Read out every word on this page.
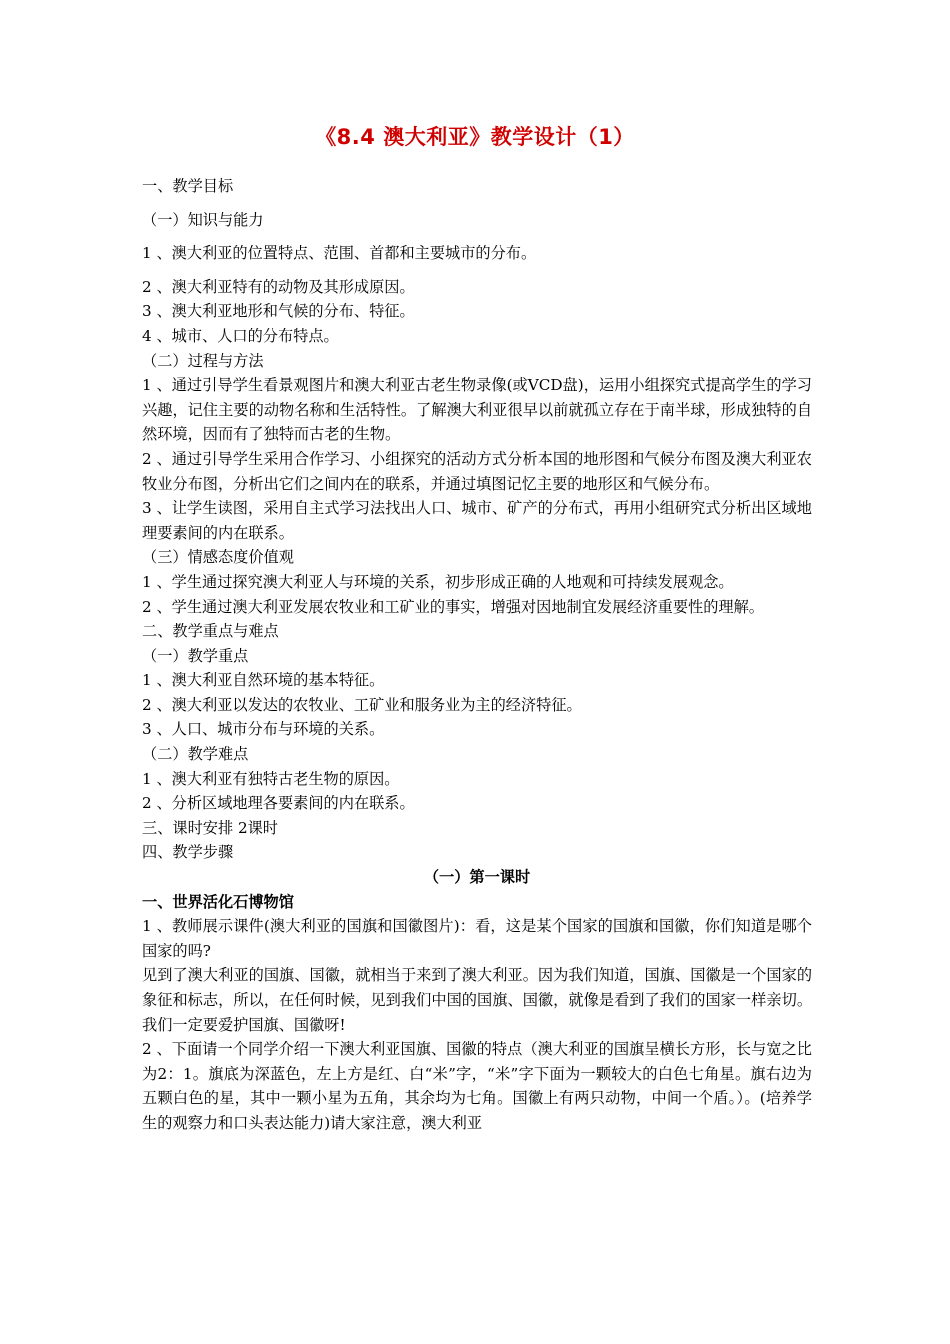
《8.4 澳大利亚》教学设计（1）
一、教学目标
（一）知识与能力
1 、澳大利亚的位置特点、范围、首都和主要城市的分布。
2 、澳大利亚特有的动物及其形成原因。
3 、澳大利亚地形和气候的分布、特征。
4 、城市、人口的分布特点。
（二）过程与方法
1 、通过引导学生看景观图片和澳大利亚古老生物录像(或VCD盘)，运用小组探究式提高学生的学习兴趣，记住主要的动物名称和生活特性。了解澳大利亚很早以前就孤立存在于南半球，形成独特的自然环境，因而有了独特而古老的生物。
2 、通过引导学生采用合作学习、小组探究的活动方式分析本国的地形图和气候分布图及澳大利亚农牧业分布图，分析出它们之间内在的联系，并通过填图记忆主要的地形区和气候分布。
3 、让学生读图，采用自主式学习法找出人口、城市、矿产的分布式，再用小组研究式分析出区域地理要素间的内在联系。
（三）情感态度价值观
1 、学生通过探究澳大利亚人与环境的关系，初步形成正确的人地观和可持续发展观念。
2 、学生通过澳大利亚发展农牧业和工矿业的事实，增强对因地制宜发展经济重要性的理解。
二、教学重点与难点
（一）教学重点
1 、澳大利亚自然环境的基本特征。
2 、澳大利亚以发达的农牧业、工矿业和服务业为主的经济特征。
3 、人口、城市分布与环境的关系。
（二）教学难点
1 、澳大利亚有独特古老生物的原因。
2 、分析区域地理各要素间的内在联系。
三、课时安排 2课时
四、教学步骤
（一）第一课时
一、世界活化石博物馆
1 、教师展示课件(澳大利亚的国旗和国徽图片)：看，这是某个国家的国旗和国徽，你们知道是哪个国家的吗?
见到了澳大利亚的国旗、国徽，就相当于来到了澳大利亚。因为我们知道，国旗、国徽是一个国家的象征和标志，所以，在任何时候，见到我们中国的国旗、国徽，就像是看到了我们的国家一样亲切。我们一定要爱护国旗、国徽呀!
2 、下面请一个同学介绍一下澳大利亚国旗、国徽的特点（澳大利亚的国旗呈横长方形，长与宽之比为2：1。旗底为深蓝色，左上方是红、白“米”字，“米”字下面为一颗较大的白色七角星。旗右边为五颗白色的星，其中一颗小星为五角，其余均为七角。国徽上有两只动物，中间一个盾。）。(培养学生的观察力和口头表达能力)请大家注意，澳大利亚
